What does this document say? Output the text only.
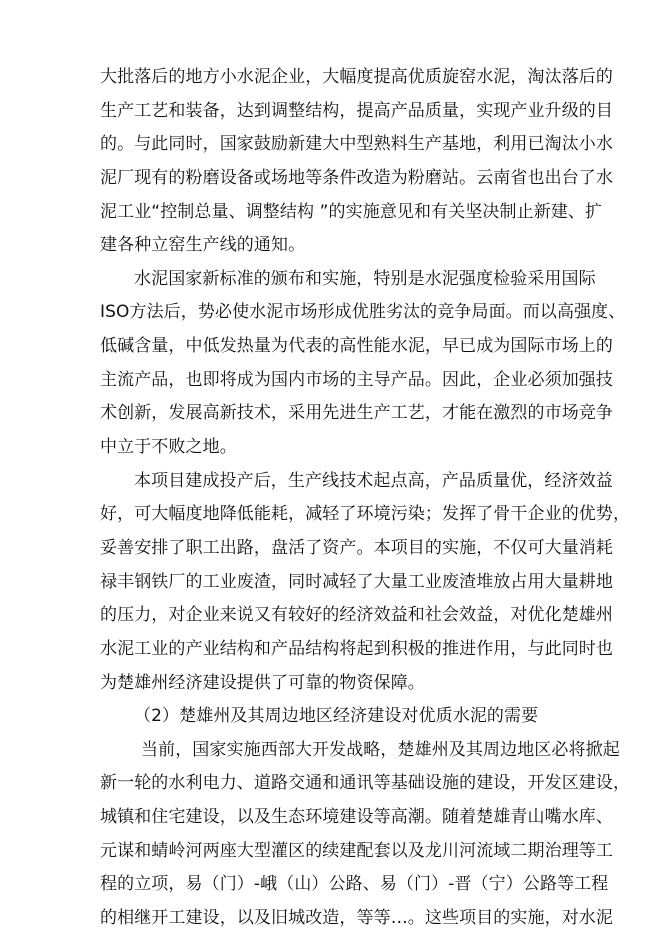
大批落后的地方小水泥企业，大幅度提高优质旋窑水泥，淘汰落后的
生产工艺和装备，达到调整结构，提高产品质量，实现产业升级的目
的。与此同时，国家鼓励新建大中型熟料生产基地，利用已淘汰小水
泥厂现有的粉磨设备或场地等条件改造为粉磨站。云南省也出台了水
泥工业“控制总量、调整结构 ”的实施意见和有关坚决制止新建、扩
建各种立窑生产线的通知。
水泥国家新标准的颁布和实施，特别是水泥强度检验采用国际
ISO方法后，势必使水泥市场形成优胜劣汰的竞争局面。而以高强度、
低碱含量，中低发热量为代表的高性能水泥，早已成为国际市场上的
主流产品，也即将成为国内市场的主导产品。因此，企业必须加强技
术创新，发展高新技术，采用先进生产工艺，才能在激烈的市场竞争
中立于不败之地。
本项目建成投产后，生产线技术起点高，产品质量优，经济效益
好，可大幅度地降低能耗，减轻了环境污染；发挥了骨干企业的优势，
妥善安排了职工出路，盘活了资产。本项目的实施，不仅可大量消耗
禄丰钢铁厂的工业废渣，同时减轻了大量工业废渣堆放占用大量耕地
的压力，对企业来说又有较好的经济效益和社会效益，对优化楚雄州
水泥工业的产业结构和产品结构将起到积极的推进作用，与此同时也
为楚雄州经济建设提供了可靠的物资保障。
（2）楚雄州及其周边地区经济建设对优质水泥的需要
当前，国家实施西部大开发战略，楚雄州及其周边地区必将掀起
新一轮的水利电力、道路交通和通讯等基础设施的建设，开发区建设，
城镇和住宅建设，以及生态环境建设等高潮。随着楚雄青山嘴水库、
元谋和蜻岭河两座大型灌区的续建配套以及龙川河流域二期治理等工
程的立项，易（门）-峨（山）公路、易（门）-晋（宁）公路等工程
的相继开工建设，以及旧城改造，等等…。这些项目的实施，对水泥
